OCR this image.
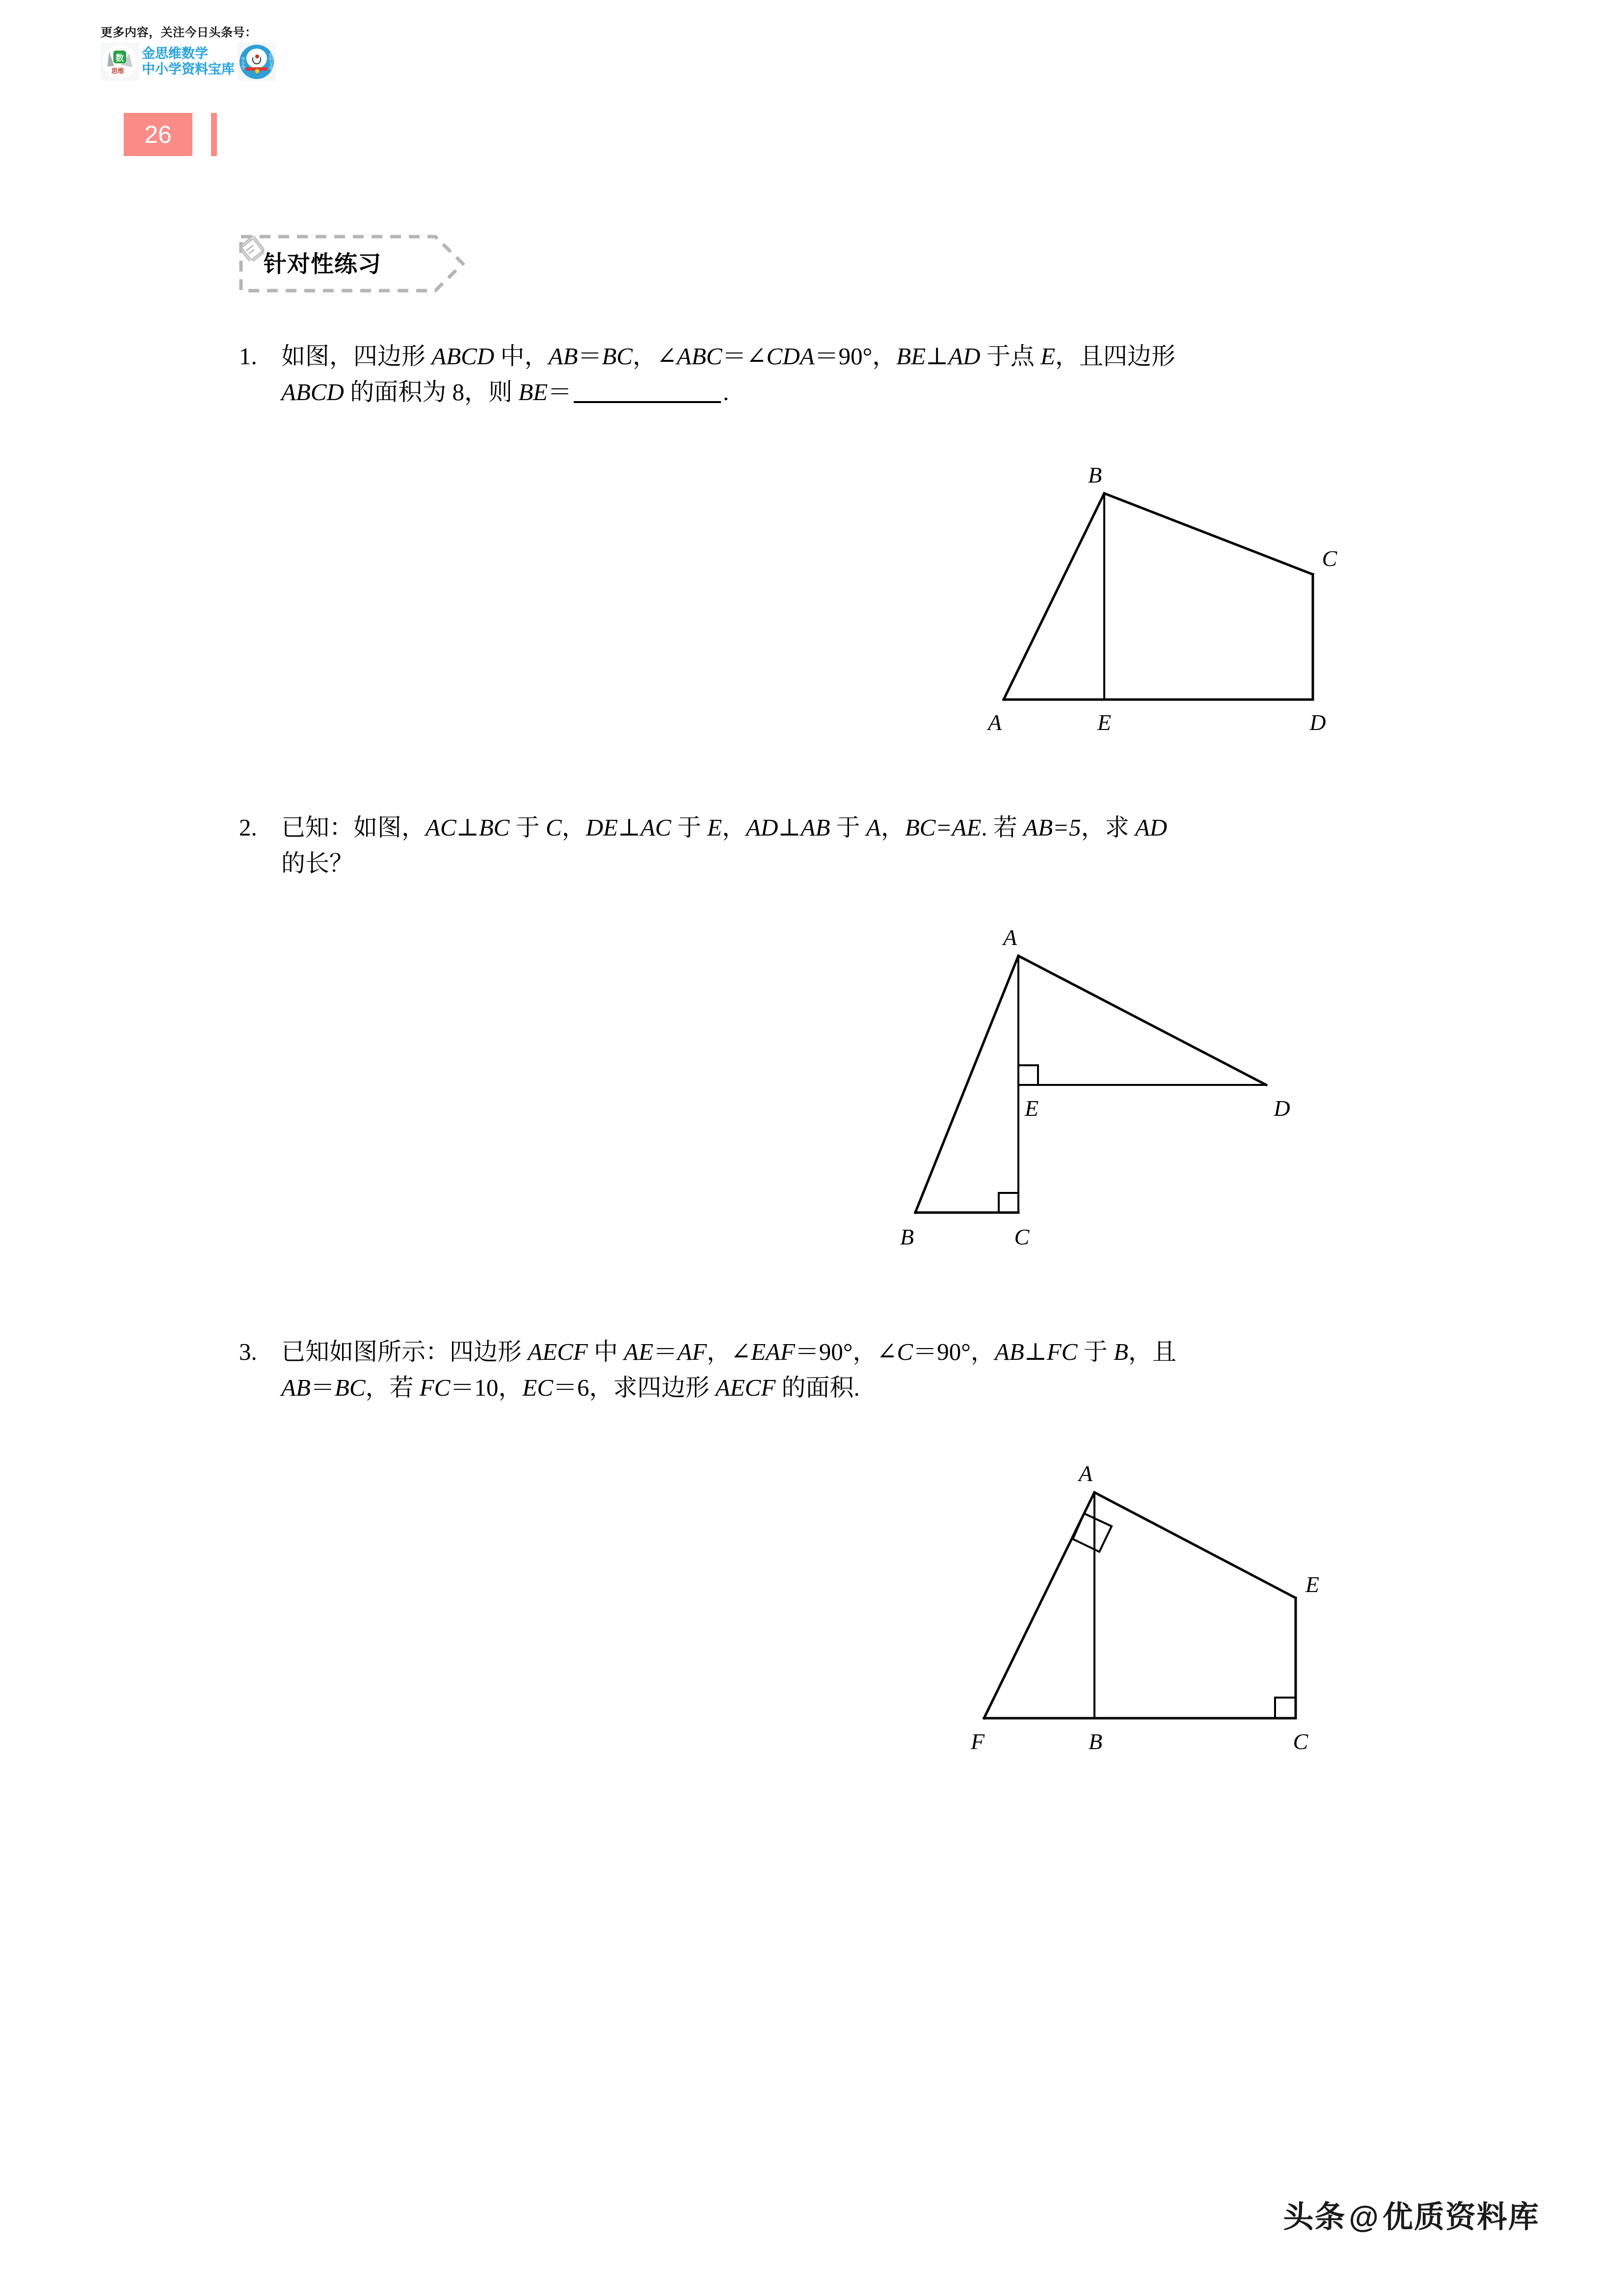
更多内容，关注今日头条号：
数
思维
金思维数学
中小学资料宝库 中小学	资料宝库
26
针对性练习
1.	如图，四边形 ABCD 中，AB＝BC，∠ABC＝∠CDA＝90°，BE⊥AD 于点 E，且四边形
ABCD 的面积为 8，则 BE＝	.
B
C
A	E	D
2.	已知：如图，AC⊥BC 于 C，DE⊥AC 于 E，AD⊥AB 于 A，BC=AE. 若 AB=5，求 AD
的长？
A
E	D
B	C
3.	已知如图所示：四边形 AECF 中 AE＝AF，∠EAF＝90°，∠C＝90°，AB⊥FC 于 B，且
AB＝BC，若 FC＝10，EC＝6，求四边形 AECF 的面积.
A
E
F	B	C
头条@优质资料库
